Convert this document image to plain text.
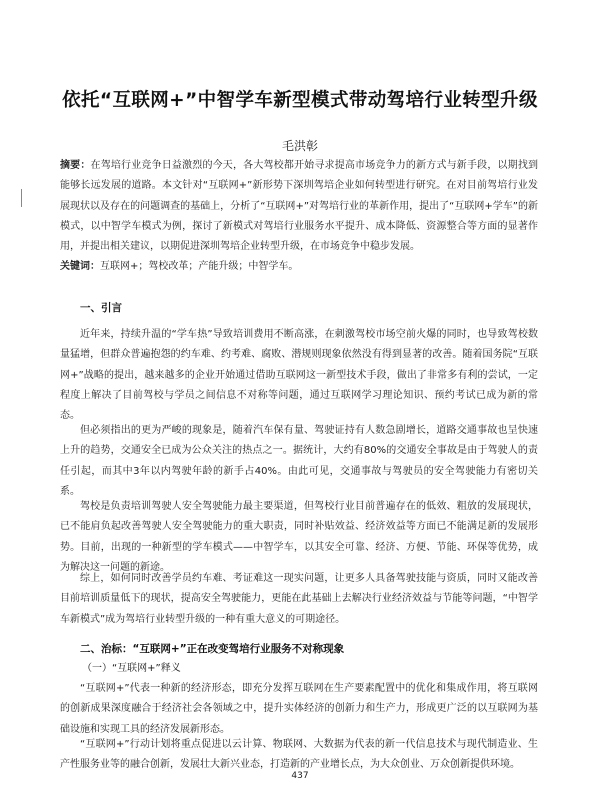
依托“互联网+”中智学车新型模式带动驾培行业转型升级
毛洪彰
摘要：在驾培行业竞争日益激烈的今天，各大驾校都开始寻求提高市场竞争力的新方式与新手段，以期找到能够长远发展的道路。本文针对“互联网+”新形势下深圳驾培企业如何转型进行研究。在对目前驾培行业发展现状以及存在的问题调查的基础上，分析了“互联网+”对驾培行业的革新作用，提出了“互联网+学车”的新模式，以中智学车模式为例，探讨了新模式对驾培行业服务水平提升、成本降低、资源整合等方面的显著作用，并提出相关建议，以期促进深圳驾培企业转型升级，在市场竞争中稳步发展。
关键词：互联网+；驾校改革；产能升级；中智学车。
一、引言
近年来，持续升温的“学车热”导致培训费用不断高涨，在刺激驾校市场空前火爆的同时，也导致驾校数量猛增，但群众普遍抱怨的约车难、约考难、腐败、潜规则现象依然没有得到显著的改善。随着国务院“互联网+”战略的提出，越来越多的企业开始通过借助互联网这一新型技术手段，做出了非常多有利的尝试，一定程度上解决了目前驾校与学员之间信息不对称等问题，通过互联网学习理论知识、预约考试已成为新的常态。
但必须指出的更为严峻的现象是，随着汽车保有量、驾驶证持有人数急剧增长，道路交通事故也呈快速上升的趋势，交通安全已成为公众关注的热点之一。据统计，大约有80%的交通安全事故是由于驾驶人的责任引起，而其中3年以内驾驶年龄的新手占40%。由此可见，交通事故与驾驶员的安全驾驶能力有密切关系。
驾校是负责培训驾驶人安全驾驶能力最主要渠道，但驾校行业目前普遍存在的低效、粗放的发展现状，已不能肩负起改善驾驶人安全驾驶能力的重大职责，同时补贴效益、经济效益等方面已不能满足新的发展形势。目前，出现的一种新型的学车模式——中智学车，以其安全可靠、经济、方便、节能、环保等优势，成为解决这一问题的新途。
综上，如何同时改善学员约车难、考证难这一现实问题，让更多人具备驾驶技能与资质，同时又能改善目前培训质量低下的现状，提高安全驾驶能力，更能在此基础上去解决行业经济效益与节能等问题，“中智学车新模式”成为驾培行业转型升级的一种有重大意义的可期途径。
二、治标：“互联网+”正在改变驾培行业服务不对称现象
（一）“互联网+”释义
“互联网+”代表一种新的经济形态，即充分发挥互联网在生产要素配置中的优化和集成作用，将互联网的创新成果深度融合于经济社会各领域之中，提升实体经济的创新力和生产力，形成更广泛的以互联网为基础设施和实现工具的经济发展新形态。
“互联网+”行动计划将重点促进以云计算、物联网、大数据为代表的新一代信息技术与现代制造业、生产性服务业等的融合创新，发展壮大新兴业态，打造新的产业增长点，为大众创业、万众创新提供环境。
437
